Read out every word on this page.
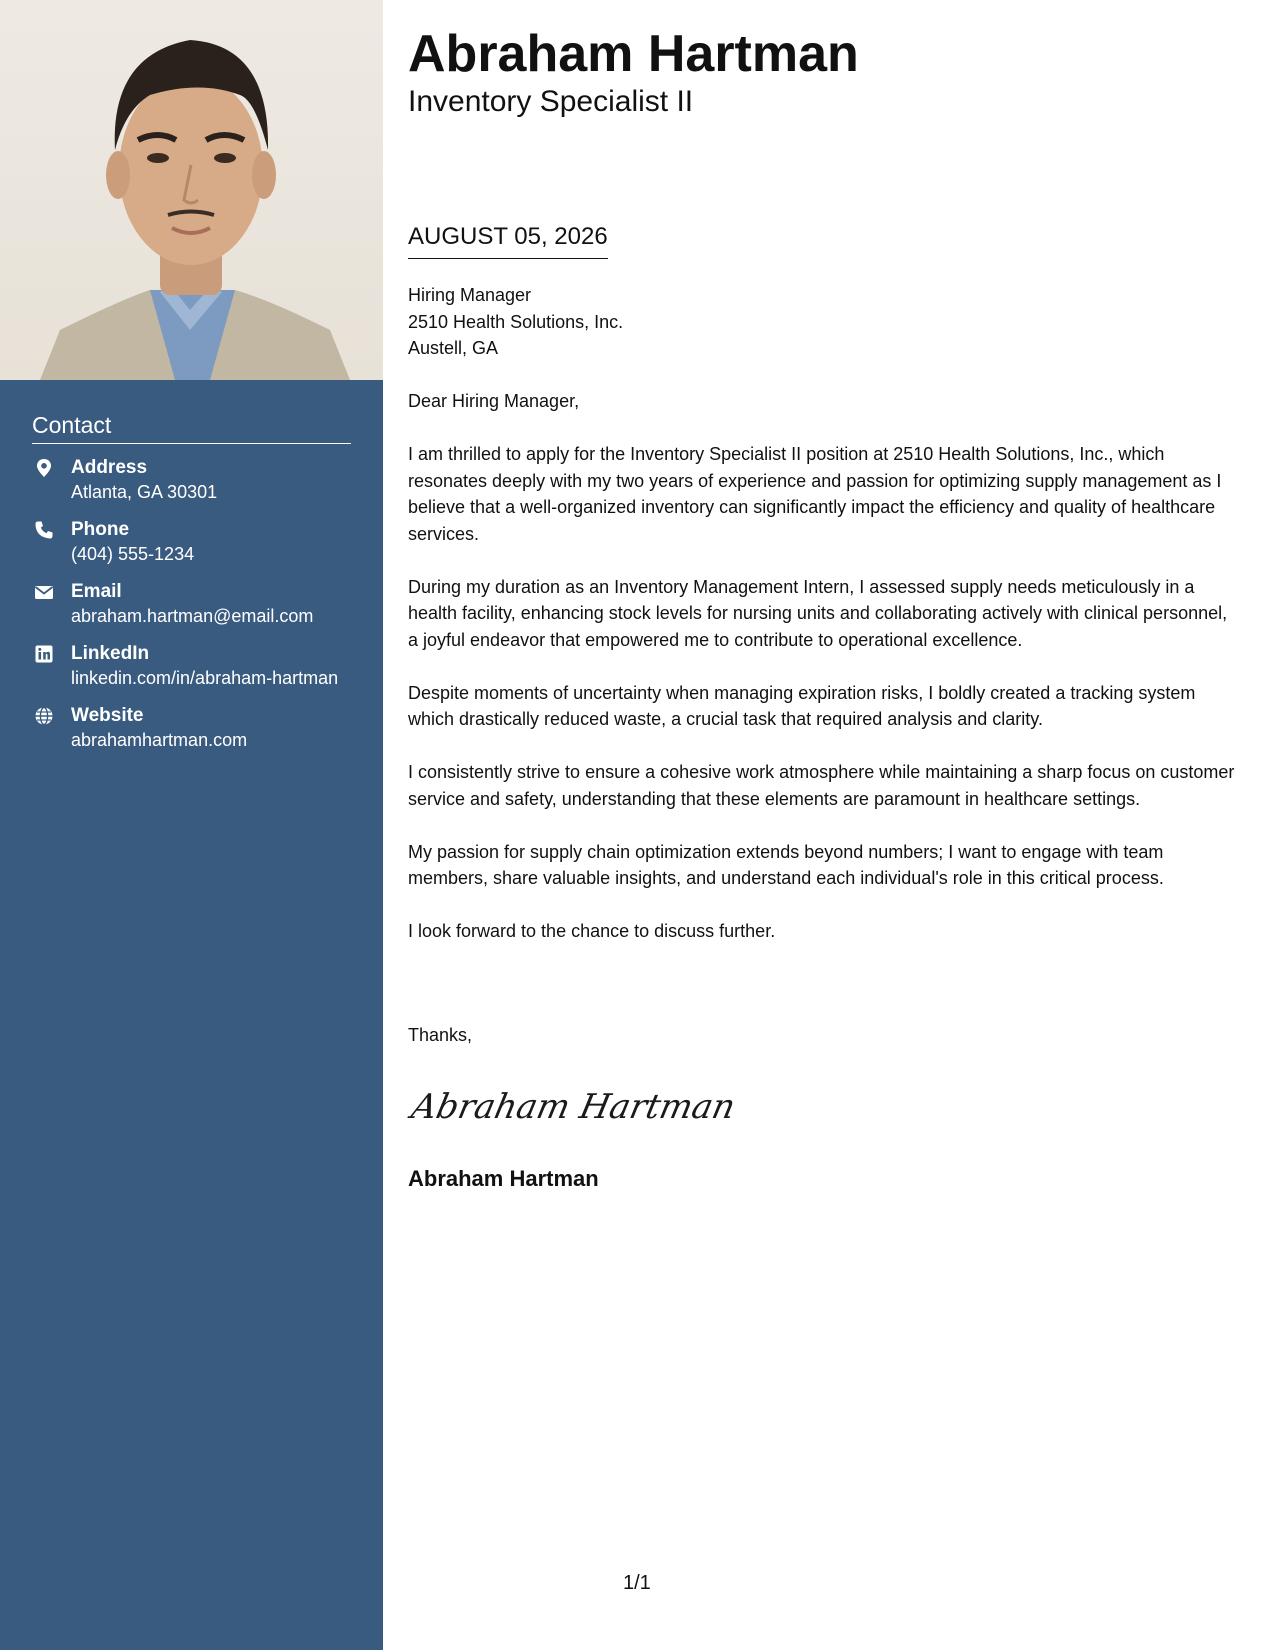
Contact
Address
Atlanta, GA 30301
Phone
(404) 555-1234
Email
abraham.hartman@email.com
LinkedIn
linkedin.com/in/abraham-hartman
Website
abrahamhartman.com
Abraham Hartman
Inventory Specialist II
AUGUST 05, 2026
Hiring Manager
2510 Health Solutions, Inc.
Austell, GA

Dear Hiring Manager,

I am thrilled to apply for the Inventory Specialist II position at 2510 Health Solutions, Inc., which resonates deeply with my two years of experience and passion for optimizing supply management as I believe that a well-organized inventory can significantly impact the efficiency and quality of healthcare services.

During my duration as an Inventory Management Intern, I assessed supply needs meticulously in a health facility, enhancing stock levels for nursing units and collaborating actively with clinical personnel, a joyful endeavor that empowered me to contribute to operational excellence.

Despite moments of uncertainty when managing expiration risks, I boldly created a tracking system which drastically reduced waste, a crucial task that required analysis and clarity.

I consistently strive to ensure a cohesive work atmosphere while maintaining a sharp focus on customer service and safety, understanding that these elements are paramount in healthcare settings.

My passion for supply chain optimization extends beyond numbers; I want to engage with team members, share valuable insights, and understand each individual's role in this critical process.

I look forward to the chance to discuss further.

Thanks,
Abraham Hartman
Abraham Hartman
1/1
